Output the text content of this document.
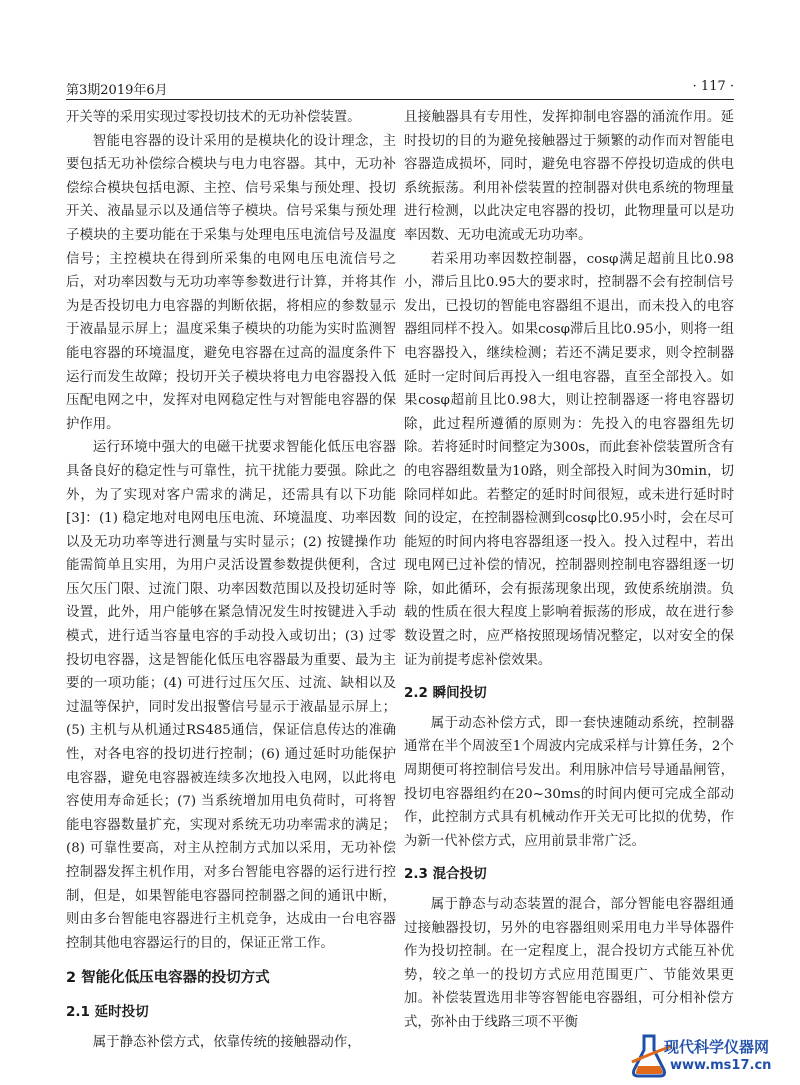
第3期2019年6月	· 117 ·

开关等的采用实现过零投切技术的无功补偿装置。

智能电容器的设计采用的是模块化的设计理念，主要包括无功补偿综合模块与电力电容器。其中，无功补偿综合模块包括电源、主控、信号采集与预处理、投切开关、液晶显示以及通信等子模块。信号采集与预处理子模块的主要功能在于采集与处理电压电流信号及温度信号；主控模块在得到所采集的电网电压电流信号之后，对功率因数与无功功率等参数进行计算，并将其作为是否投切电力电容器的判断依据，将相应的参数显示于液晶显示屏上；温度采集子模块的功能为实时监测智能电容器的环境温度，避免电容器在过高的温度条件下运行而发生故障；投切开关子模块将电力电容器投入低压配电网之中，发挥对电网稳定性与对智能电容器的保护作用。

运行环境中强大的电磁干扰要求智能化低压电容器具备良好的稳定性与可靠性，抗干扰能力要强。除此之外，为了实现对客户需求的满足，还需具有以下功能[3]：(1) 稳定地对电网电压电流、环境温度、功率因数以及无功功率等进行测量与实时显示；(2) 按键操作功能需简单且实用，为用户灵活设置参数提供便利，含过压欠压门限、过流门限、功率因数范围以及投切延时等设置，此外，用户能够在紧急情况发生时按键进入手动模式，进行适当容量电容的手动投入或切出；(3) 过零投切电容器，这是智能化低压电容器最为重要、最为主要的一项功能；(4) 可进行过压欠压、过流、缺相以及过温等保护，同时发出报警信号显示于液晶显示屏上；(5) 主机与从机通过RS485通信，保证信息传达的准确性，对各电容的投切进行控制；(6) 通过延时功能保护电容器，避免电容器被连续多次地投入电网，以此将电容使用寿命延长；(7) 当系统增加用电负荷时，可将智能电容器数量扩充，实现对系统无功功率需求的满足；(8) 可靠性要高，对主从控制方式加以采用，无功补偿控制器发挥主机作用，对多台智能电容器的运行进行控制，但是，如果智能电容器同控制器之间的通讯中断，则由多台智能电容器进行主机竞争，达成由一台电容器控制其他电容器运行的目的，保证正常工作。

2 智能化低压电容器的投切方式
2.1 延时投切

属于静态补偿方式，依靠传统的接触器动作，

且接触器具有专用性，发挥抑制电容器的涌流作用。延时投切的目的为避免接触器过于频繁的动作而对智能电容器造成损坏，同时，避免电容器不停投切造成的供电系统振荡。利用补偿装置的控制器对供电系统的物理量进行检测，以此决定电容器的投切，此物理量可以是功率因数、无功电流或无功功率。

若采用功率因数控制器，cosφ满足超前且比0.98小，滞后且比0.95大的要求时，控制器不会有控制信号发出，已投切的智能电容器组不退出，而未投入的电容器组同样不投入。如果cosφ滞后且比0.95小，则将一组电容器投入，继续检测；若还不满足要求，则令控制器延时一定时间后再投入一组电容器，直至全部投入。如果cosφ超前且比0.98大，则让控制器逐一将电容器切除，此过程所遵循的原则为：先投入的电容器组先切除。若将延时时间整定为300s，而此套补偿装置所含有的电容器组数量为10路，则全部投入时间为30min，切除同样如此。若整定的延时时间很短，或未进行延时时间的设定，在控制器检测到cosφ比0.95小时，会在尽可能短的时间内将电容器组逐一投入。投入过程中，若出现电网已过补偿的情况，控制器则控制电容器组逐一切除，如此循环，会有振荡现象出现，致使系统崩溃。负载的性质在很大程度上影响着振荡的形成，故在进行参数设置之时，应严格按照现场情况整定，以对安全的保证为前提考虑补偿效果。

2.2 瞬间投切

属于动态补偿方式，即一套快速随动系统，控制器通常在半个周波至1个周波内完成采样与计算任务，2个周期便可将控制信号发出。利用脉冲信号导通晶闸管，投切电容器组约在20~30ms的时间内便可完成全部动作，此控制方式具有机械动作开关无可比拟的优势，作为新一代补偿方式，应用前景非常广泛。

2.3 混合投切

属于静态与动态装置的混合，部分智能电容器组通过接触器投切，另外的电容器组则采用电力半导体器件作为投切控制。在一定程度上，混合投切方式能互补优势，较之单一的投切方式应用范围更广、节能效果更加。补偿装置选用非等容智能电容器组，可分相补偿方式，弥补由于线路三项不平衡

现代科学仪器网
www.ms17.cn
